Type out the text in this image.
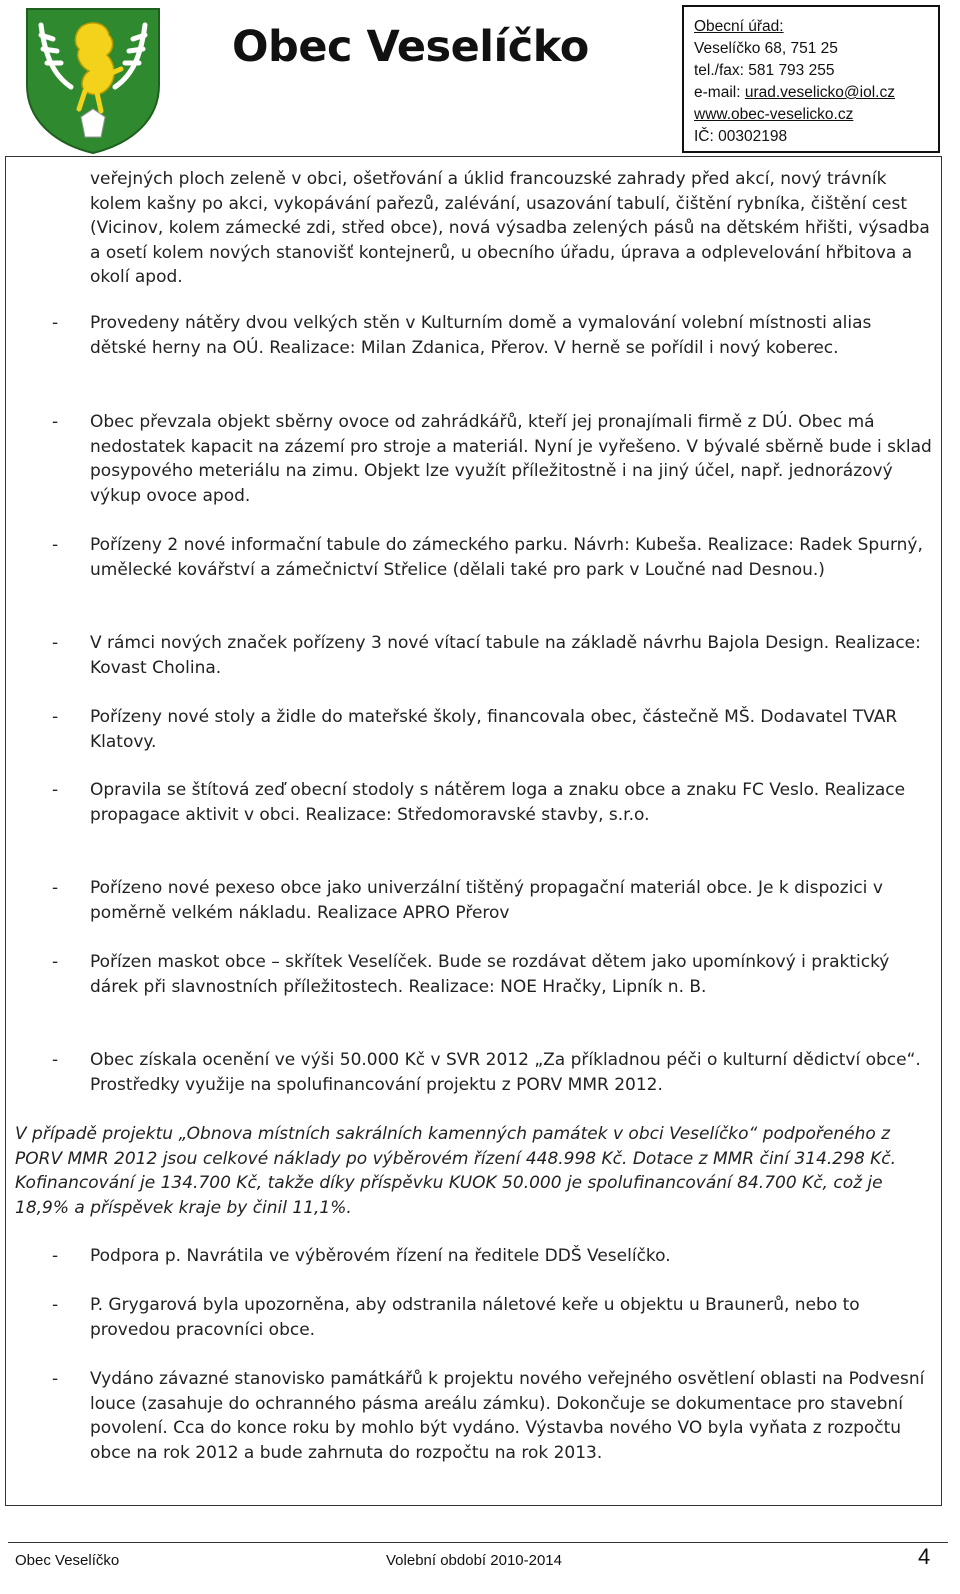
Obec Veselíčko	Obecní úřad:
Veselíčko 68, 751 25
tel./fax: 581 793 255
e-mail: urad.veselicko@iol.cz
www.obec-veselicko.cz
IČ: 00302198
veřejných ploch zeleně v obci, ošetřování a úklid francouzské zahrady před akcí, nový trávník kolem kašny po akci, vykopávání pařezů, zalévání, usazování tabulí, čištění rybníka, čištění cest (Vicinov, kolem zámecké zdi, střed obce), nová výsadba zelených pásů na dětském hřišti, výsadba a osetí kolem nových stanovišť kontejnerů, u obecního úřadu, úprava a odplevelování hřbitova a okolí apod.
- Provedeny nátěry dvou velkých stěn v Kulturním domě a vymalování volební místnosti alias dětské herny na OÚ. Realizace: Milan Zdanica, Přerov. V herně se pořídil i nový koberec.
- Obec převzala objekt sběrny ovoce od zahrádkářů, kteří jej pronajímali firmě z DÚ. Obec má nedostatek kapacit na zázemí pro stroje a materiál. Nyní je vyřešeno. V bývalé sběrně bude i sklad posypového meteriálu na zimu. Objekt lze využít příležitostně i na jiný účel, např. jednorázový výkup ovoce apod.
- Pořízeny 2 nové informační tabule do zámeckého parku. Návrh: Kubeša. Realizace: Radek Spurný, umělecké kovářství a zámečnictví Střelice (dělali také pro park v Loučné nad Desnou.)
- V rámci nových značek pořízeny 3 nové vítací tabule na základě návrhu Bajola Design. Realizace: Kovast Cholina.
- Pořízeny nové stoly a židle do mateřské školy, financovala obec, částečně MŠ. Dodavatel TVAR Klatovy.
- Opravila se štítová zeď obecní stodoly s nátěrem loga a znaku obce a znaku FC Veslo. Realizace propagace aktivit v obci. Realizace: Středomoravské stavby, s.r.o.
- Pořízeno nové pexeso obce jako univerzální tištěný propagační materiál obce. Je k dispozici v poměrně velkém nákladu. Realizace APRO Přerov
- Pořízen maskot obce – skřítek Veselíček. Bude se rozdávat dětem jako upomínkový i praktický dárek při slavnostních příležitostech. Realizace: NOE Hračky, Lipník n. B.
- Obec získala ocenění ve výši 50.000 Kč v SVR 2012 „Za příkladnou péči o kulturní dědictví obce“. Prostředky využije na spolufinancování projektu z PORV MMR 2012.
V případě projektu „Obnova místních sakrálních kamenných památek v obci Veselíčko“ podpořeného z PORV MMR 2012 jsou celkové náklady po výběrovém řízení 448.998 Kč. Dotace z MMR činí 314.298 Kč. Kofinancování je 134.700 Kč, takže díky příspěvku KUOK 50.000 je spolufinancování 84.700 Kč, což je 18,9% a příspěvek kraje by činil 11,1%.
- Podpora p. Navrátila ve výběrovém řízení na ředitele DDŠ Veselíčko.
- P. Grygarová byla upozorněna, aby odstranila náletové keře u objektu u Braunerů, nebo to provedou pracovníci obce.
- Vydáno závazné stanovisko památkářů k projektu nového veřejného osvětlení oblasti na Podvesní louce (zasahuje do ochranného pásma areálu zámku). Dokončuje se dokumentace pro stavební povolení. Cca do konce roku by mohlo být vydáno. Výstavba nového VO byla vyňata z rozpočtu obce na rok 2012 a bude zahrnuta do rozpočtu na rok 2013.
Obec Veselíčko	Volební období 2010-2014	4
